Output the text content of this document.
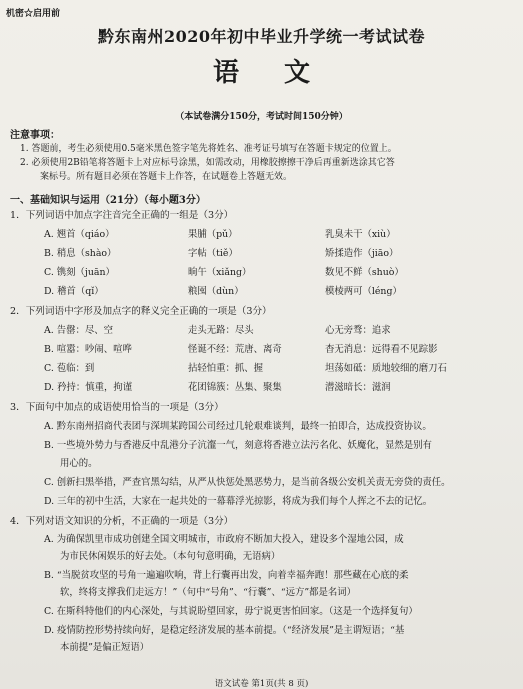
机密☆启用前
黔东南州2020年初中毕业升学统一考试试卷
语 文
（本试卷满分150分，考试时间150分钟）
注意事项：
1. 答题前，考生必须使用0.5毫米黑色签字笔先将姓名、准考证号填写在答题卡规定的位置上。
2. 必须使用2B铅笔将答题卡上对应标号涂黑，如需改动，用橡胶擦擦干净后再重新选涂其它答
案标号。所有题目必须在答题卡上作答，在试题卷上答题无效。
一、基础知识与运用（21分）（每小题3分）
1．下列词语中加点字注音完全正确的一组是（3分）
A. 翘首（qiáo）	果脯（pǔ）	乳臭未干（xiù）
B. 稍息（shào）	字帖（tiě）	矫揉造作（jiāo）
C. 镌刻（juān）	晌午（xiǎng）	数见不鲜（shuò）
D. 稽首（qǐ）	粮囤（dùn）	模棱两可（léng）
2．下列词语中字形及加点字的释义完全正确的一项是（3分）
A. 告罄：尽、空	走头无路：尽头	心无旁骛：追求
B. 喧嚣：吵闹、喧哗	怪诞不经：荒唐、离奇	杳无消息：远得看不见踪影
C. 苞临：到	拈轻怕重：抓、握	坦荡如砥：质地较细的磨刀石
D. 矜持：慎重，拘谨	花团锦簇：丛集、聚集	潜滋暗长：滋润
3．下面句中加点的成语使用恰当的一项是（3分）
A. 黔东南州招商代表团与深圳某跨国公司经过几轮艰难谈判，最终一拍即合，达成投资协议。
B. 一些境外势力与香港反中乱港分子沆瀣一气，刻意将香港立法污名化、妖魔化，显然是别有
用心的。
C. 创新扫黑举措，严查官黑勾结，从严从快惩处黑恶势力，是当前各级公安机关责无旁贷的责任。
D. 三年的初中生活，大家在一起共处的一幕幕浮光掠影，将成为我们每个人挥之不去的记忆。
4．下列对语文知识的分析，不正确的一项是（3分）
A. 为确保凯里市成功创建全国文明城市，市政府不断加大投入，建设多个湿地公园，成
为市民休闲娱乐的好去处。（本句句意明确，无语病）
B. “当脱贫攻坚的号角一遍遍吹响，背上行囊再出发，向着幸福奔跑！那些藏在心底的柔
软，终将支撑我们走远方！”（句中“号角”、“行囊”、“远方”都是名词）
C. 在斯科特他们的内心深处，与其说盼望回家，毋宁说更害怕回家。（这是一个选择复句）
D. 疫情防控形势持续向好，是稳定经济发展的基本前提。（“经济发展”是主谓短语；“基
本前提”是偏正短语）
语文试卷 第1页(共 8 页)
